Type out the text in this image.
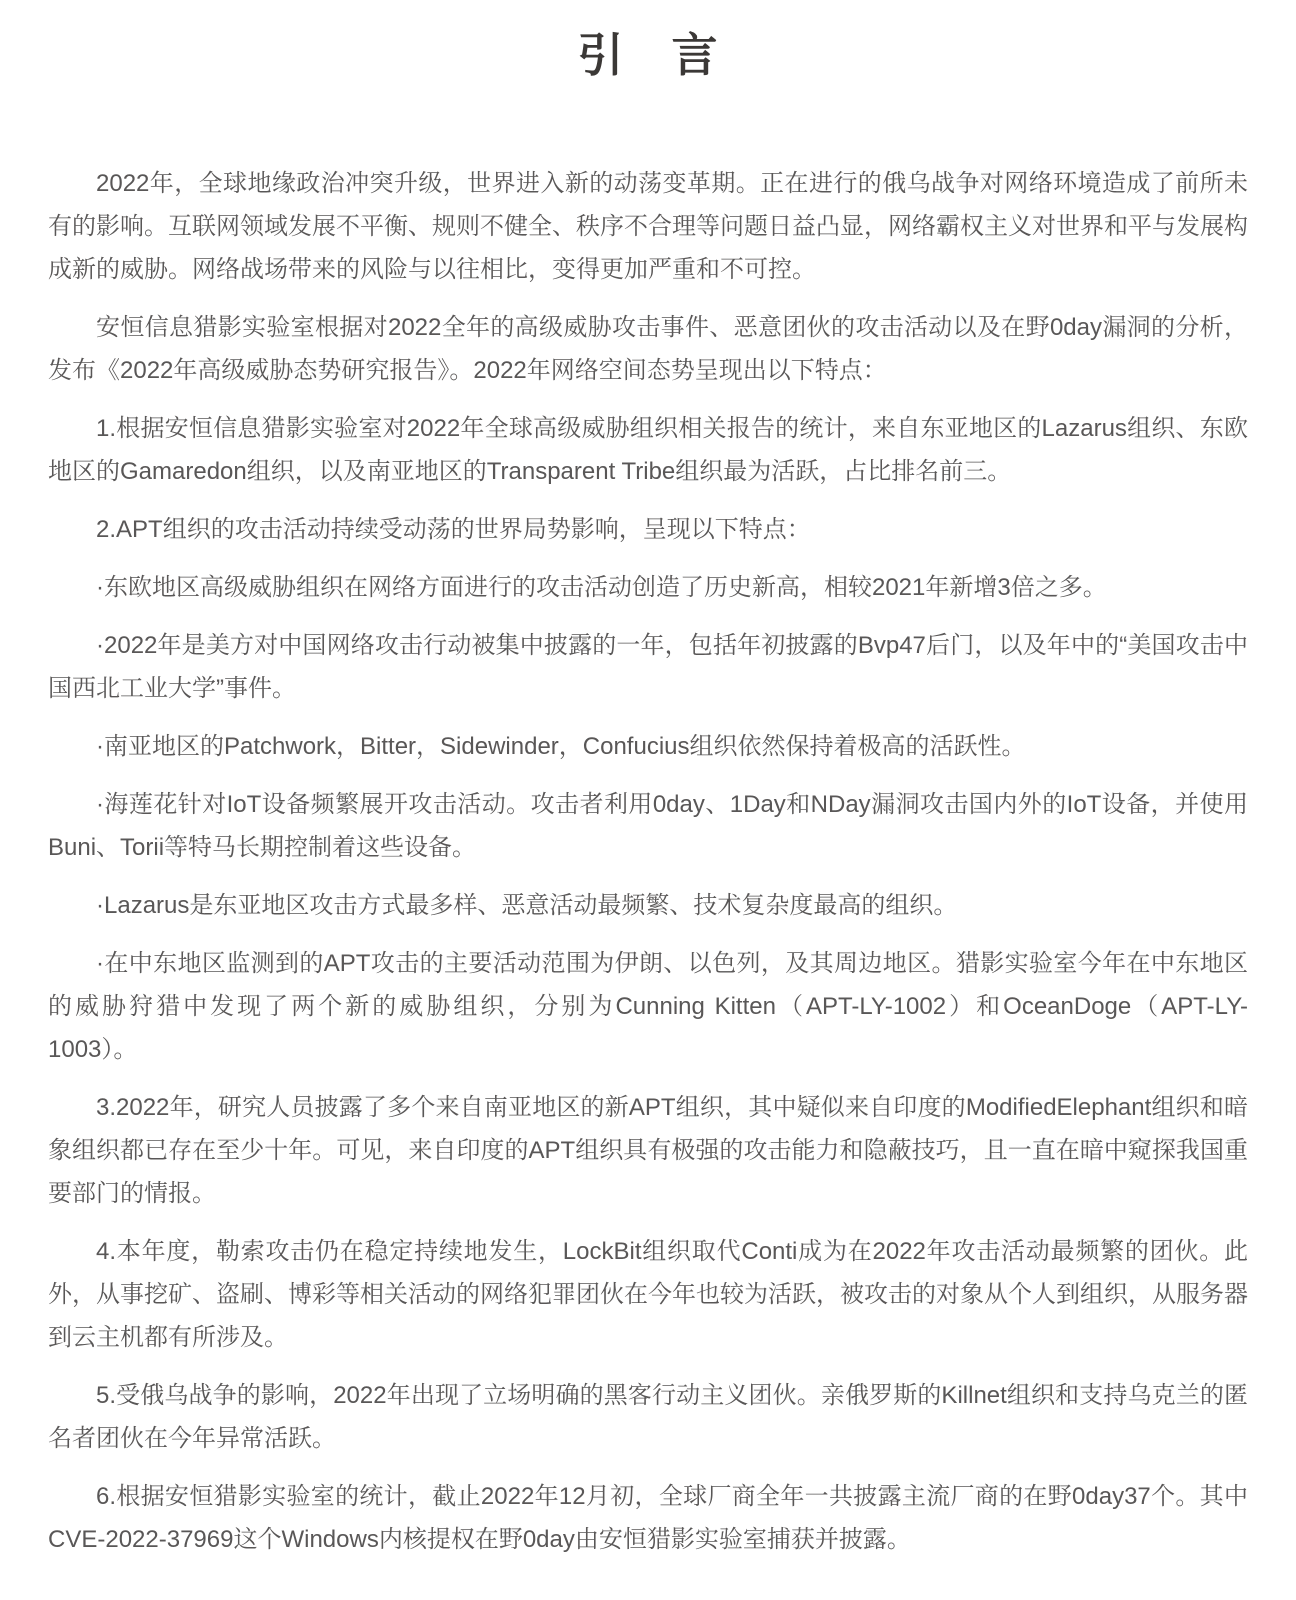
引　言

2022年，全球地缘政治冲突升级，世界进入新的动荡变革期。正在进行的俄乌战争对网络环境造成了前所未有的影响。互联网领域发展不平衡、规则不健全、秩序不合理等问题日益凸显，网络霸权主义对世界和平与发展构成新的威胁。网络战场带来的风险与以往相比，变得更加严重和不可控。

安恒信息猎影实验室根据对2022全年的高级威胁攻击事件、恶意团伙的攻击活动以及在野0day漏洞的分析，发布《2022年高级威胁态势研究报告》。2022年网络空间态势呈现出以下特点：

1.根据安恒信息猎影实验室对2022年全球高级威胁组织相关报告的统计，来自东亚地区的Lazarus组织、东欧地区的Gamaredon组织，以及南亚地区的Transparent Tribe组织最为活跃，占比排名前三。

2.APT组织的攻击活动持续受动荡的世界局势影响，呈现以下特点：

·东欧地区高级威胁组织在网络方面进行的攻击活动创造了历史新高，相较2021年新增3倍之多。

·2022年是美方对中国网络攻击行动被集中披露的一年，包括年初披露的Bvp47后门，以及年中的“美国攻击中国西北工业大学”事件。

·南亚地区的Patchwork，Bitter，Sidewinder，Confucius组织依然保持着极高的活跃性。

·海莲花针对IoT设备频繁展开攻击活动。攻击者利用0day、1Day和NDay漏洞攻击国内外的IoT设备，并使用Buni、Torii等特马长期控制着这些设备。

·Lazarus是东亚地区攻击方式最多样、恶意活动最频繁、技术复杂度最高的组织。

·在中东地区监测到的APT攻击的主要活动范围为伊朗、以色列，及其周边地区。猎影实验室今年在中东地区的威胁狩猎中发现了两个新的威胁组织，分别为Cunning Kitten（APT-LY-1002）和OceanDoge（APT-LY-1003）。

3.2022年，研究人员披露了多个来自南亚地区的新APT组织，其中疑似来自印度的ModifiedElephant组织和暗象组织都已存在至少十年。可见，来自印度的APT组织具有极强的攻击能力和隐蔽技巧，且一直在暗中窥探我国重要部门的情报。

4.本年度，勒索攻击仍在稳定持续地发生，LockBit组织取代Conti成为在2022年攻击活动最频繁的团伙。此外，从事挖矿、盗刷、博彩等相关活动的网络犯罪团伙在今年也较为活跃，被攻击的对象从个人到组织，从服务器到云主机都有所涉及。

5.受俄乌战争的影响，2022年出现了立场明确的黑客行动主义团伙。亲俄罗斯的Killnet组织和支持乌克兰的匿名者团伙在今年异常活跃。

6.根据安恒猎影实验室的统计，截止2022年12月初，全球厂商全年一共披露主流厂商的在野0day37个。其中CVE-2022-37969这个Windows内核提权在野0day由安恒猎影实验室捕获并披露。
